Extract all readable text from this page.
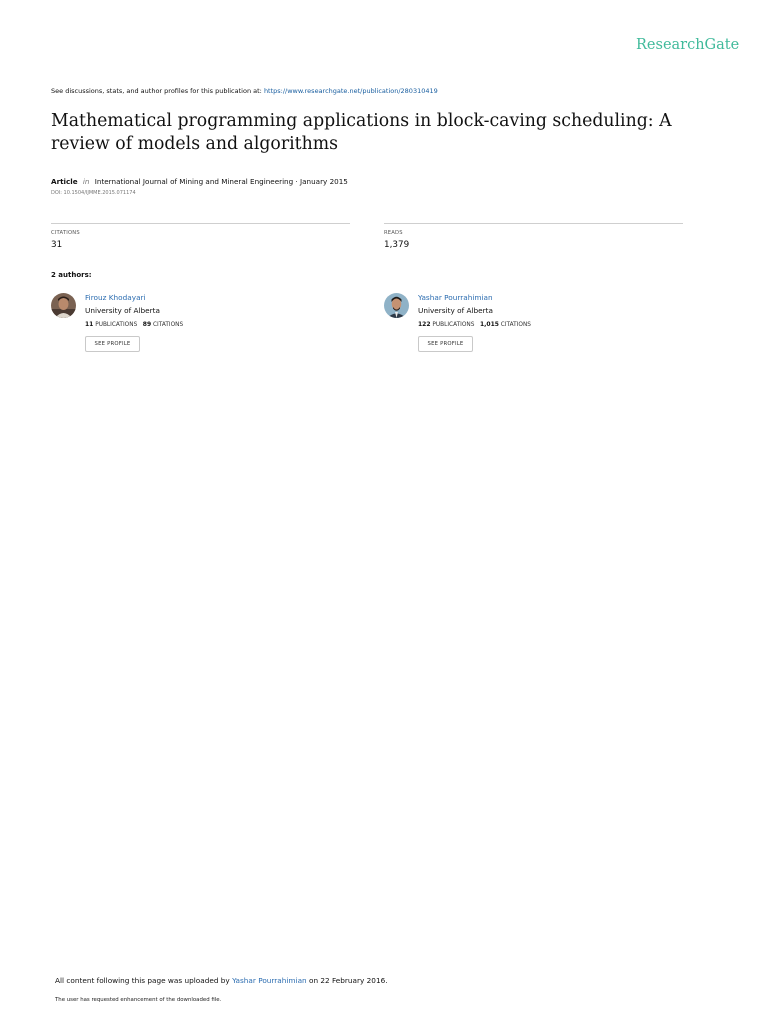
ResearchGate
See discussions, stats, and author profiles for this publication at: https://www.researchgate.net/publication/280310419
Mathematical programming applications in block-caving scheduling: A review of models and algorithms
Article in International Journal of Mining and Mineral Engineering · January 2015
DOI: 10.1504/IJMME.2015.071174
CITATIONS
31
READS
1,379
2 authors:
Firouz Khodayari
University of Alberta
11 PUBLICATIONS 89 CITATIONS
SEE PROFILE
Yashar Pourrahimian
University of Alberta
122 PUBLICATIONS 1,015 CITATIONS
SEE PROFILE
All content following this page was uploaded by Yashar Pourrahimian on 22 February 2016.
The user has requested enhancement of the downloaded file.
